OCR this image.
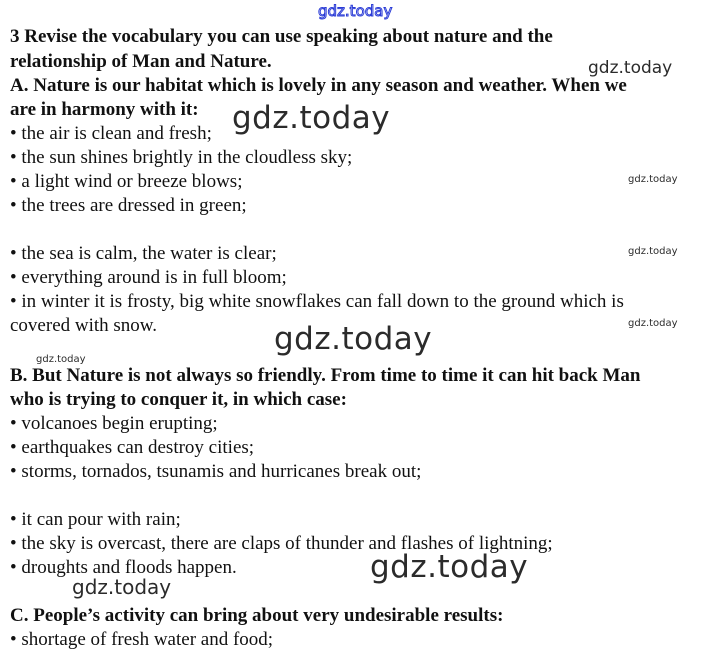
gdz.today
gdz.today
gdz.today
gdz.today
gdz.today
gdz.today
gdz.today
gdz.today
gdz.today
gdz.today
3 Revise the vocabulary you can use speaking about nature and the
relationship of Man and Nature.
A. Nature is our habitat which is lovely in any season and weather. When we
are in harmony with it:
• the air is clean and fresh;
• the sun shines brightly in the cloudless sky;
• a light wind or breeze blows;
• the trees are dressed in green;
• the sea is calm, the water is clear;
• everything around is in full bloom;
• in winter it is frosty, big white snowflakes can fall down to the ground which is
covered with snow.
B. But Nature is not always so friendly. From time to time it can hit back Man
who is trying to conquer it, in which case:
• volcanoes begin erupting;
• earthquakes can destroy cities;
• storms, tornados, tsunamis and hurricanes break out;
• it can pour with rain;
• the sky is overcast, there are claps of thunder and flashes of lightning;
• droughts and floods happen.
C. People’s activity can bring about very undesirable results:
• shortage of fresh water and food;
